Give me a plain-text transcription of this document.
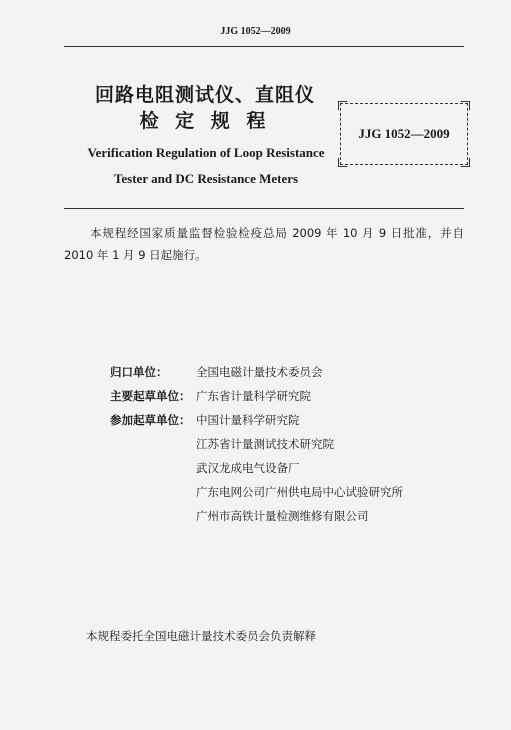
JJG 1052—2009
回路电阻测试仪、直阻仪
检 定 规 程
JJG 1052—2009
Verification Regulation of Loop Resistance
Tester and DC Resistance Meters
本规程经国家质量监督检验检疫总局 2009 年 10 月 9 日批准，并自 2010 年 1 月 9 日起施行。
归口单位：	全国电磁计量技术委员会
主要起草单位： 广东省计量科学研究院
参加起草单位： 中国计量科学研究院
江苏省计量测试技术研究院
武汉龙成电气设备厂
广东电网公司广州供电局中心试验研究所
广州市高铁计量检测维修有限公司
本规程委托全国电磁计量技术委员会负责解释
